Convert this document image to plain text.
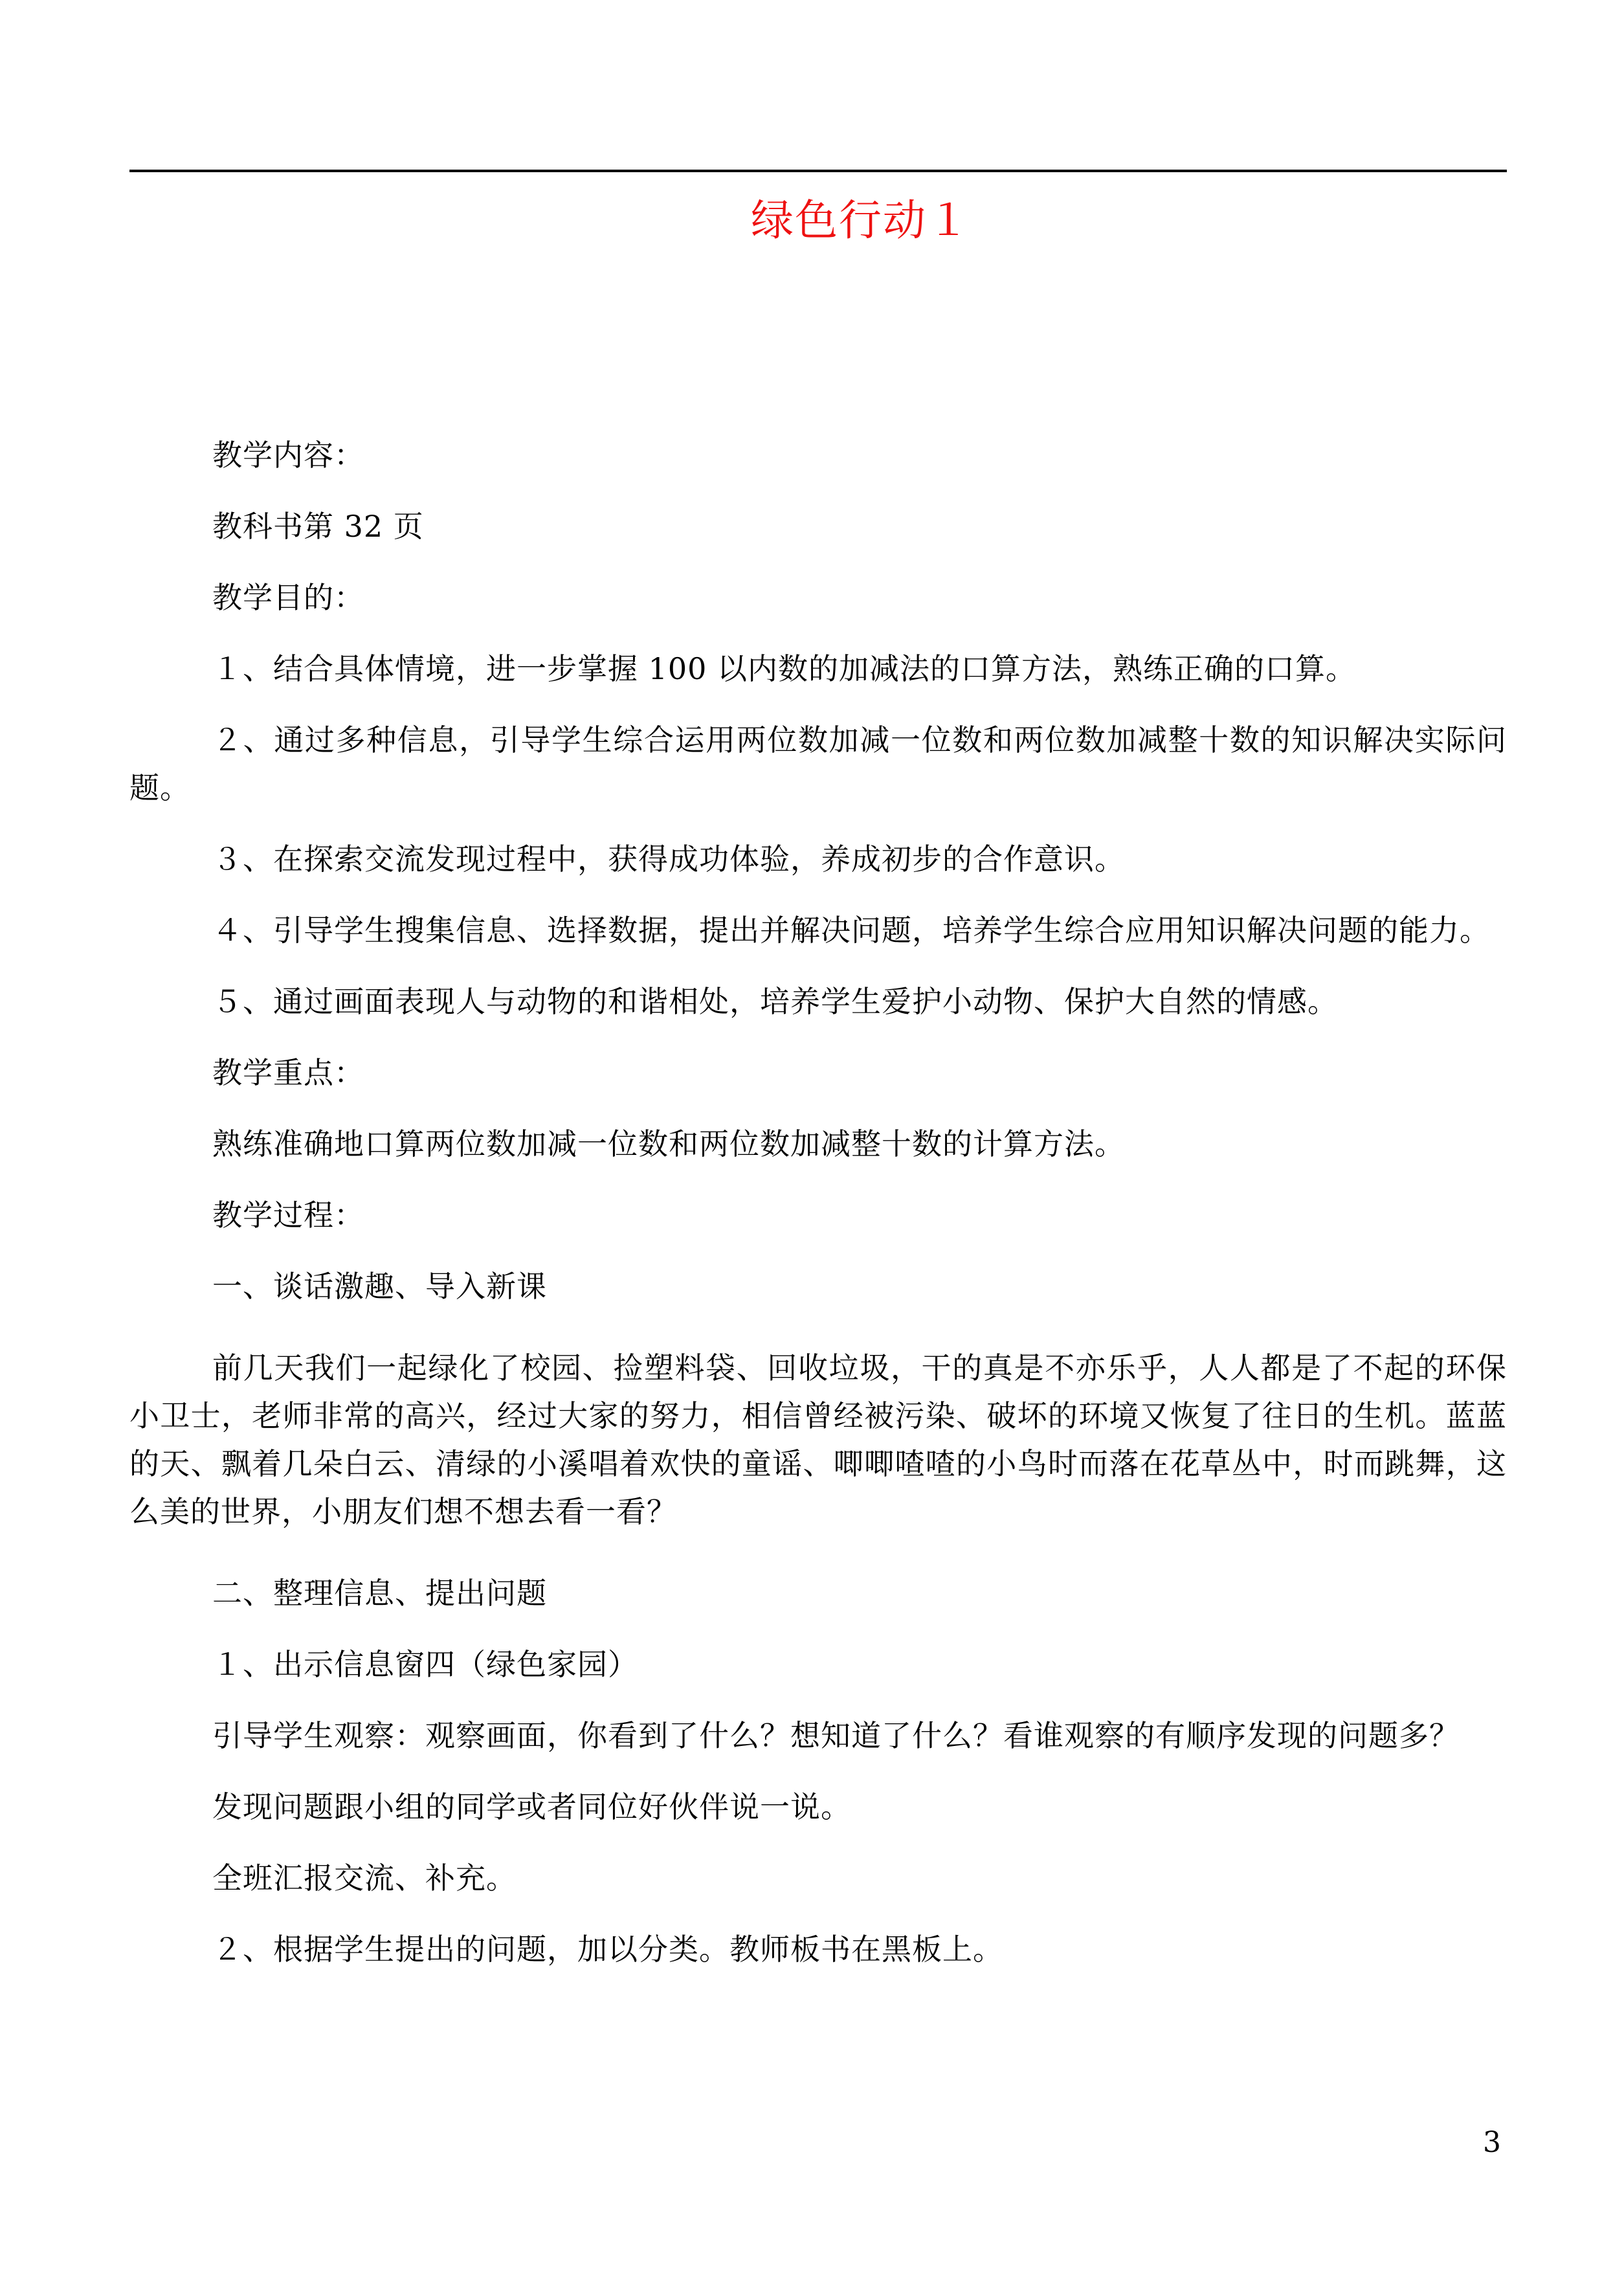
绿色行动１

教学内容：

教科书第 32 页

教学目的：

１、结合具体情境，进一步掌握 100 以内数的加减法的口算方法，熟练正确的口算。

２、通过多种信息，引导学生综合运用两位数加减一位数和两位数加减整十数的知识解决实际问题。

３、在探索交流发现过程中，获得成功体验，养成初步的合作意识。

４、引导学生搜集信息、选择数据，提出并解决问题，培养学生综合应用知识解决问题的能力。

５、通过画面表现人与动物的和谐相处，培养学生爱护小动物、保护大自然的情感。

教学重点：

熟练准确地口算两位数加减一位数和两位数加减整十数的计算方法。

教学过程：

一、谈话激趣、导入新课

前几天我们一起绿化了校园、捡塑料袋、回收垃圾，干的真是不亦乐乎，人人都是了不起的环保小卫士，老师非常的高兴，经过大家的努力，相信曾经被污染、破坏的环境又恢复了往日的生机。蓝蓝的天、飘着几朵白云、清绿的小溪唱着欢快的童谣、唧唧喳喳的小鸟时而落在花草丛中，时而跳舞，这么美的世界，小朋友们想不想去看一看？

二、整理信息、提出问题

１、出示信息窗四（绿色家园）

引导学生观察：观察画面，你看到了什么？想知道了什么？看谁观察的有顺序发现的问题多？

发现问题跟小组的同学或者同位好伙伴说一说。

全班汇报交流、补充。

２、根据学生提出的问题，加以分类。教师板书在黑板上。

3
